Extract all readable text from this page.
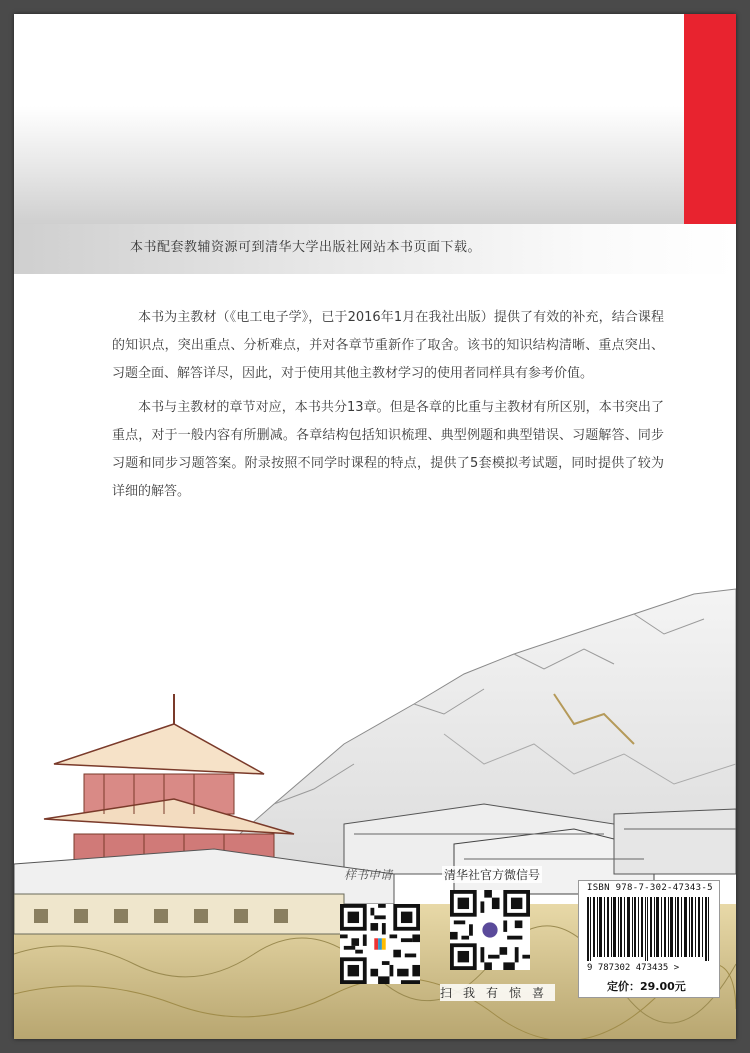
本书配套教辅资源可到清华大学出版社网站本书页面下载。

本书为主教材（《电工电子学》，已于2016年1月在我社出版）提供了有效的补充，结合课程的知识点，突出重点、分析难点，并对各章节重新作了取舍。该书的知识结构清晰、重点突出、习题全面、解答详尽，因此，对于使用其他主教材学习的使用者同样具有参考价值。

本书与主教材的章节对应，本书共分13章。但是各章的比重与主教材有所区别，本书突出了重点，对于一般内容有所删减。各章结构包括知识梳理、典型例题和典型错误、习题解答、同步习题和同步习题答案。附录按照不同学时课程的特点，提供了5套模拟考试题，同时提供了较为详细的解答。

样书申请	清华社官方微信号
扫我有惊喜
ISBN 978-7-302-47343-5
9 787302 473435 >
定价：29.00元
